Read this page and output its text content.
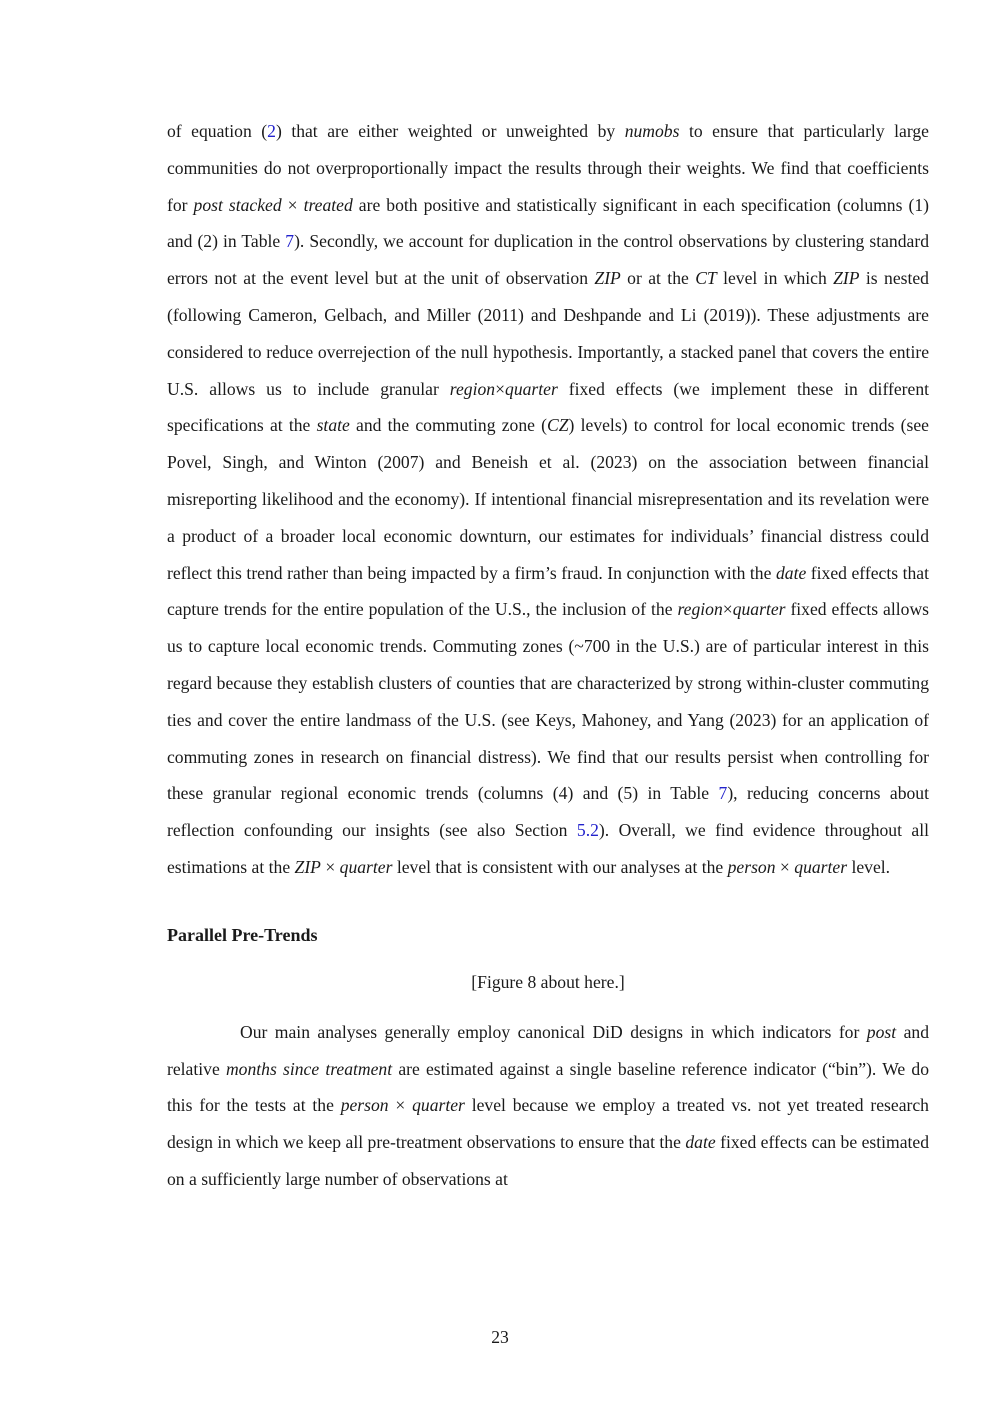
of equation (2) that are either weighted or unweighted by numobs to ensure that particularly large communities do not overproportionally impact the results through their weights. We find that coefficients for post stacked × treated are both positive and statistically significant in each specification (columns (1) and (2) in Table 7). Secondly, we account for duplication in the control observations by clustering standard errors not at the event level but at the unit of observation ZIP or at the CT level in which ZIP is nested (following Cameron, Gelbach, and Miller (2011) and Deshpande and Li (2019)). These adjustments are considered to reduce overrejection of the null hypothesis. Importantly, a stacked panel that covers the entire U.S. allows us to include granular region×quarter fixed effects (we implement these in different specifications at the state and the commuting zone (CZ) levels) to control for local economic trends (see Povel, Singh, and Winton (2007) and Beneish et al. (2023) on the association between financial misreporting likelihood and the economy). If intentional financial misrepresentation and its revelation were a product of a broader local economic downturn, our estimates for individuals’ financial distress could reflect this trend rather than being impacted by a firm’s fraud. In conjunction with the date fixed effects that capture trends for the entire population of the U.S., the inclusion of the region×quarter fixed effects allows us to capture local economic trends. Commuting zones (~700 in the U.S.) are of particular interest in this regard because they establish clusters of counties that are characterized by strong within-cluster commuting ties and cover the entire landmass of the U.S. (see Keys, Mahoney, and Yang (2023) for an application of commuting zones in research on financial distress). We find that our results persist when controlling for these granular regional economic trends (columns (4) and (5) in Table 7), reducing concerns about reflection confounding our insights (see also Section 5.2). Overall, we find evidence throughout all estimations at the ZIP × quarter level that is consistent with our analyses at the person × quarter level.

Parallel Pre-Trends

[Figure 8 about here.]

Our main analyses generally employ canonical DiD designs in which indicators for post and relative months since treatment are estimated against a single baseline reference indicator (“bin”). We do this for the tests at the person × quarter level because we employ a treated vs. not yet treated research design in which we keep all pre-treatment observations to ensure that the date fixed effects can be estimated on a sufficiently large number of observations at

23
